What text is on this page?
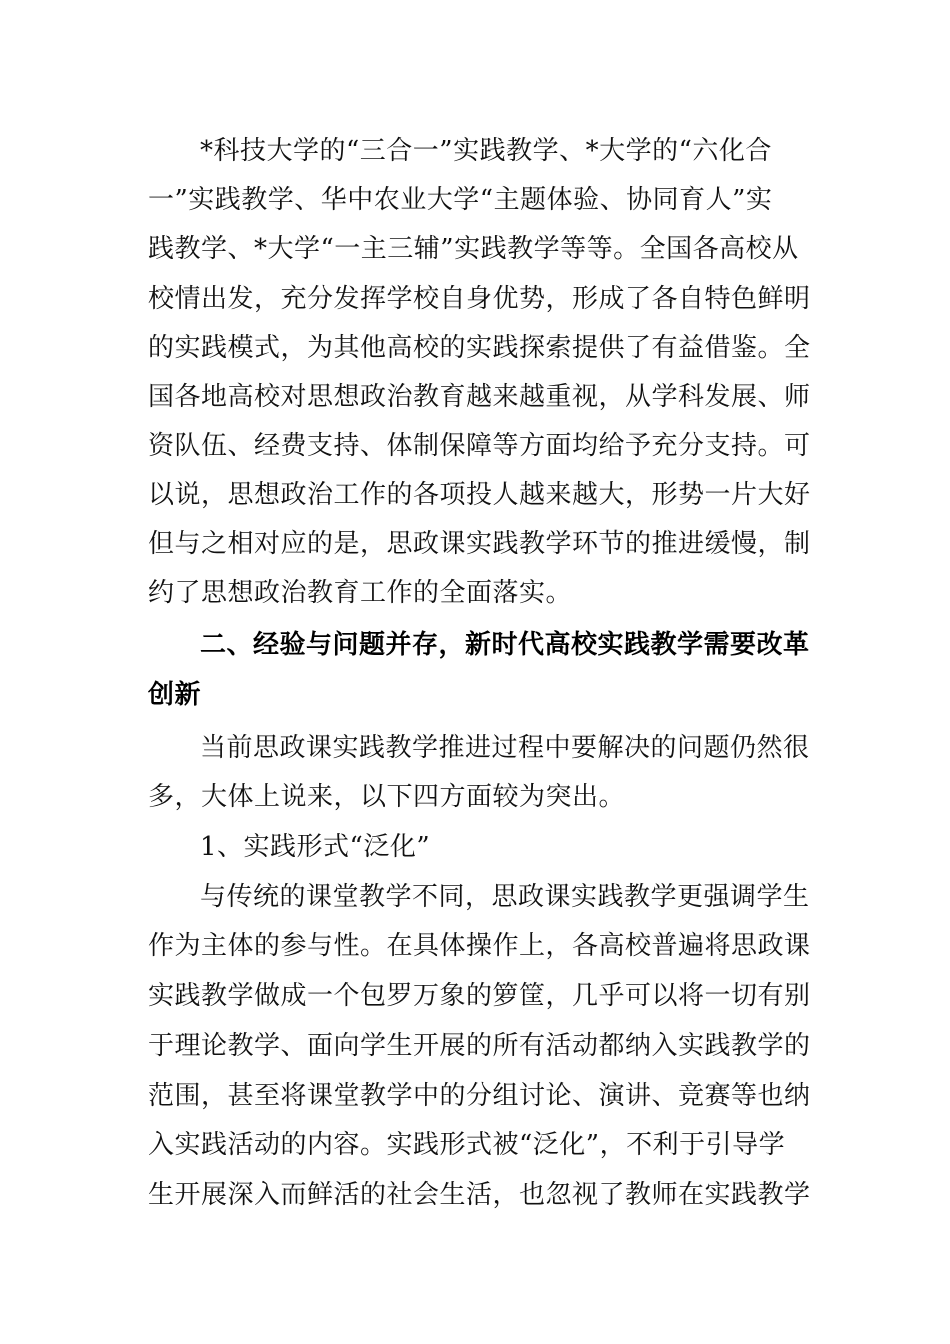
*科技大学的“三合一”实践教学、*大学的“六化合
一”实践教学、华中农业大学“主题体验、协同育人”实
践教学、*大学“一主三辅”实践教学等等。全国各高校从
校情出发，充分发挥学校自身优势，形成了各自特色鲜明
的实践模式，为其他高校的实践探索提供了有益借鉴。全
国各地高校对思想政治教育越来越重视，从学科发展、师
资队伍、经费支持、体制保障等方面均给予充分支持。可
以说，思想政治工作的各项投人越来越大，形势一片大好
但与之相对应的是，思政课实践教学环节的推进缓慢，制
约了思想政治教育工作的全面落实。
二、经验与问题并存，新时代高校实践教学需要改革
创新
当前思政课实践教学推进过程中要解决的问题仍然很
多，大体上说来，以下四方面较为突出。
1、实践形式“泛化”
与传统的课堂教学不同，思政课实践教学更强调学生
作为主体的参与性。在具体操作上，各高校普遍将思政课
实践教学做成一个包罗万象的箩筐，几乎可以将一切有别
于理论教学、面向学生开展的所有活动都纳入实践教学的
范围，甚至将课堂教学中的分组讨论、演讲、竞赛等也纳
入实践活动的内容。实践形式被“泛化”，不利于引导学
生开展深入而鲜活的社会生活，也忽视了教师在实践教学
